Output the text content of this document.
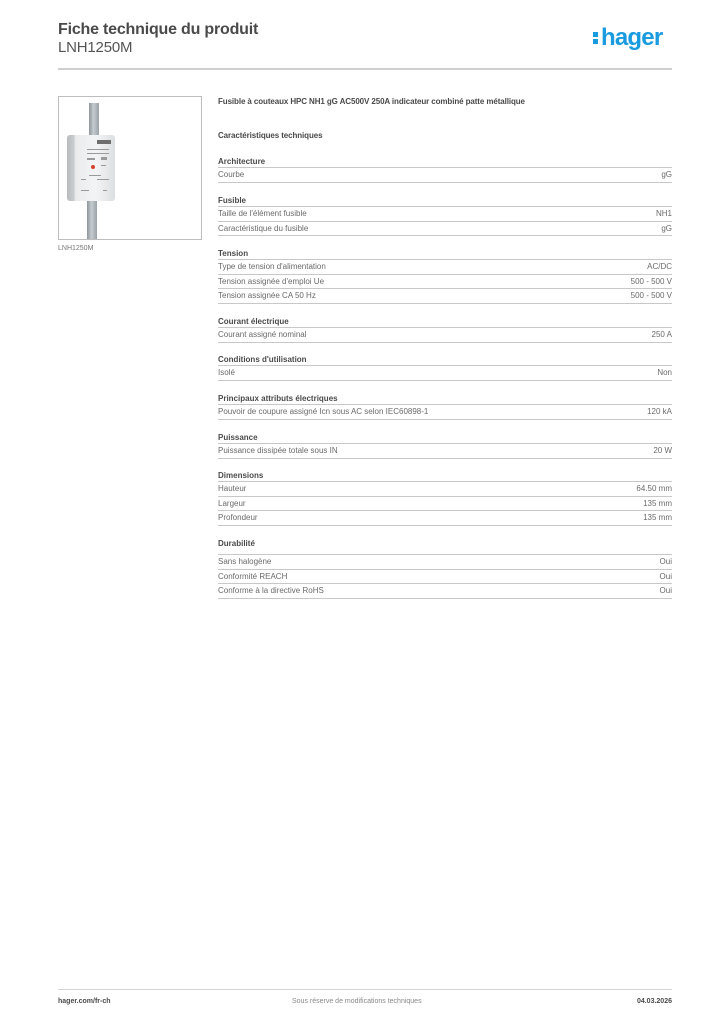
Fiche technique du produit
LNH1250M	hager
LNH1250M
Fusible à couteaux HPC NH1 gG AC500V 250A indicateur combiné patte métallique
Caractéristiques techniques
Architecture
Courbe	gG
Fusible
Taille de l'élément fusible	NH1
Caractéristique du fusible	gG
Tension
Type de tension d'alimentation	AC/DC
Tension assignée d'emploi Ue	500 - 500 V
Tension assignée CA 50 Hz	500 - 500 V
Courant électrique
Courant assigné nominal	250 A
Conditions d'utilisation
Isolé	Non
Principaux attributs électriques
Pouvoir de coupure assigné Icn sous AC selon IEC60898-1	120 kA
Puissance
Puissance dissipée totale sous IN	20 W
Dimensions
Hauteur	64.50 mm
Largeur	135 mm
Profondeur	135 mm
Durabilité
Sans halogène	Oui
Conformité REACH	Oui
Conforme à la directive RoHS	Oui
hager.com/fr-ch	Sous réserve de modifications techniques	04.03.2026
